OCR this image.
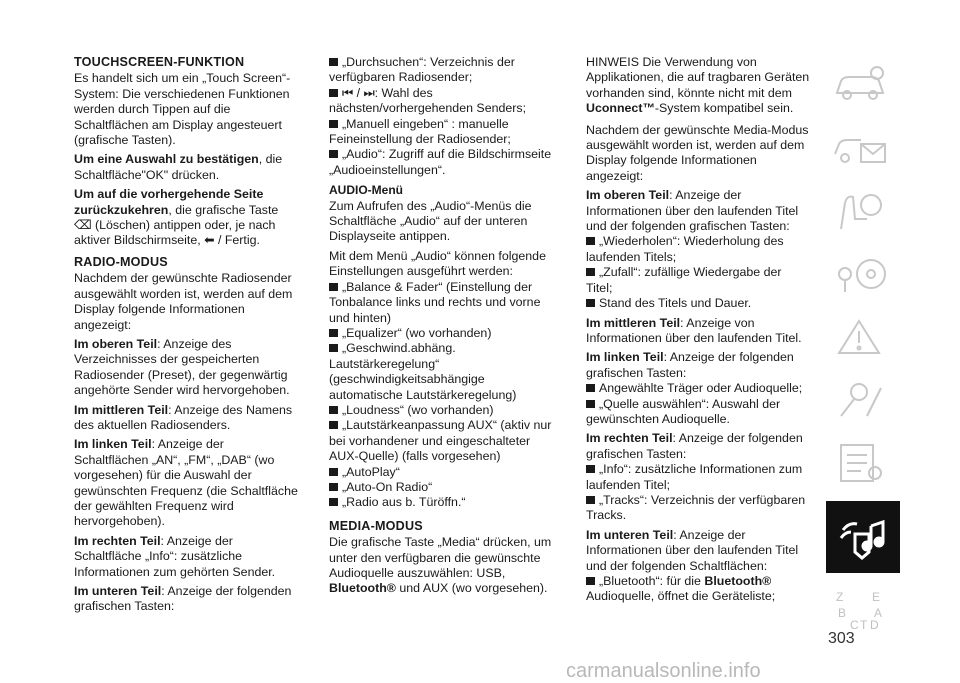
TOUCHSCREEN-FUNKTION

Es handelt sich um ein „Touch Screen“-System: Die verschiedenen Funktionen werden durch Tippen auf die Schaltflächen am Display angesteuert (grafische Tasten).

Um eine Auswahl zu bestätigen, die Schaltfläche"OK" drücken.

Um auf die vorhergehende Seite zurückzukehren, die grafische Taste ⌫ (Löschen) antippen oder, je nach aktiver Bildschirmseite, ⬅ / Fertig.

RADIO-MODUS

Nachdem der gewünschte Radiosender ausgewählt worden ist, werden auf dem Display folgende Informationen angezeigt:

Im oberen Teil: Anzeige des Verzeichnisses der gespeicherten Radiosender (Preset), der gegenwärtig angehörte Sender wird hervorgehoben.

Im mittleren Teil: Anzeige des Namens des aktuellen Radiosenders.

Im linken Teil: Anzeige der Schaltflächen „AN“, „FM“, „DAB“ (wo vorgesehen) für die Auswahl der gewünschten Frequenz (die Schaltfläche der gewählten Frequenz wird hervorgehoben).

Im rechten Teil: Anzeige der Schaltfläche „Info“: zusätzliche Informationen zum gehörten Sender.

Im unteren Teil: Anzeige der folgenden grafischen Tasten:

„Durchsuchen“: Verzeichnis der verfügbaren Radiosender;
⏮ / ⏭: Wahl des nächsten/vorhergehenden Senders;
„Manuell eingeben“ : manuelle Feineinstellung der Radiosender;
„Audio“: Zugriff auf die Bildschirmseite „Audioeinstellungen“.
AUDIO-Menü

Zum Aufrufen des „Audio“-Menüs die Schaltfläche „Audio“ auf der unteren Displayseite antippen.

Mit dem Menü „Audio“ können folgende Einstellungen ausgeführt werden:

„Balance & Fader“ (Einstellung der Tonbalance links und rechts und vorne und hinten)
„Equalizer“ (wo vorhanden)
„Geschwind.abhäng. Lautstärkeregelung“ (geschwindigkeitsabhängige automatische Lautstärkeregelung)
„Loudness“ (wo vorhanden)
„Lautstärkeanpassung AUX“ (aktiv nur bei vorhandener und eingeschalteter AUX-Quelle) (falls vorgesehen)
„AutoPlay“
„Auto-On Radio“
„Radio aus b. Türöffn.“
MEDIA-MODUS

Die grafische Taste „Media“ drücken, um unter den verfügbaren die gewünschte Audioquelle auszuwählen: USB, Bluetooth® und AUX (wo vorgesehen).

HINWEIS Die Verwendung von Applikationen, die auf tragbaren Geräten vorhanden sind, könnte nicht mit dem Uconnect™-System kompatibel sein.

Nachdem der gewünschte Media-Modus ausgewählt worden ist, werden auf dem Display folgende Informationen angezeigt:

Im oberen Teil: Anzeige der Informationen über den laufenden Titel und der folgenden grafischen Tasten:

„Wiederholen“: Wiederholung des laufenden Titels;
„Zufall“: zufällige Wiedergabe der Titel;
Stand des Titels und Dauer.

Im mittleren Teil: Anzeige von Informationen über den laufenden Titel.

Im linken Teil: Anzeige der folgenden grafischen Tasten:

Angewählte Träger oder Audioquelle;
„Quelle auswählen“: Auswahl der gewünschten Audioquelle.

Im rechten Teil: Anzeige der folgenden grafischen Tasten:

„Info“: zusätzliche Informationen zum laufenden Titel;
„Tracks“: Verzeichnis der verfügbaren Tracks.

Im unteren Teil: Anzeige der Informationen über den laufenden Titel und der folgenden Schaltflächen:

„Bluetooth“: für die Bluetooth® Audioquelle, öffnet die Geräteliste;	Z E
B A
C T D
303
carmanualsonline.info
